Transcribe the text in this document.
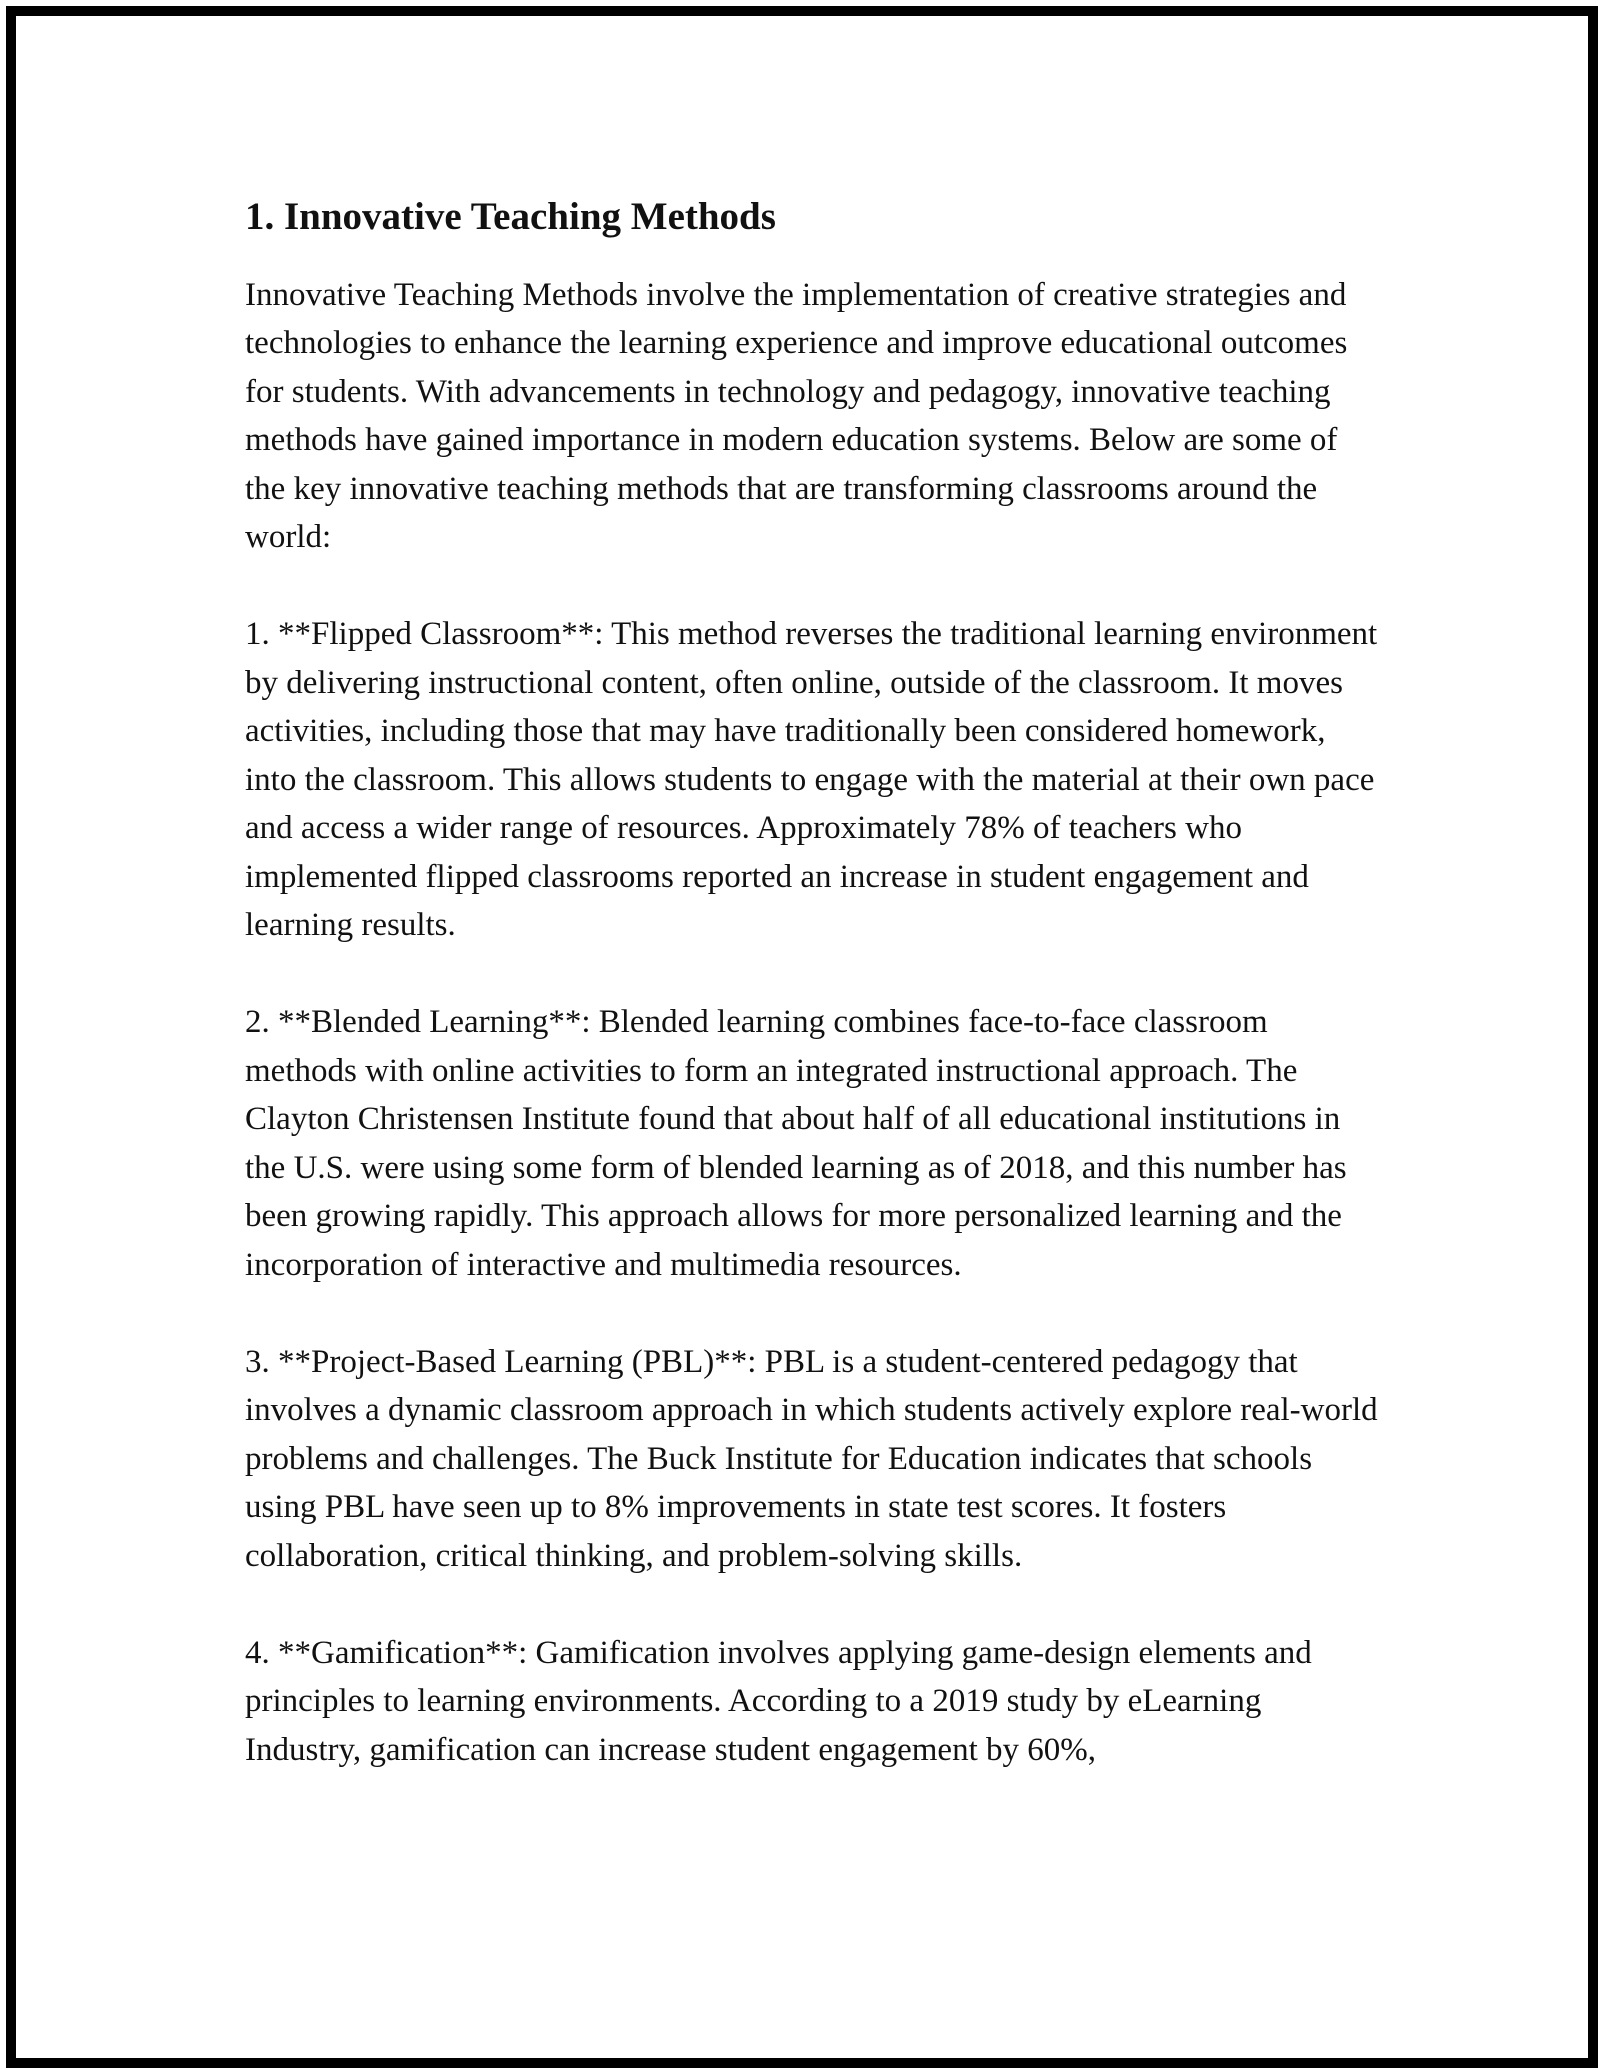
1. Innovative Teaching Methods

Innovative Teaching Methods involve the implementation of creative strategies and technologies to enhance the learning experience and improve educational outcomes for students. With advancements in technology and pedagogy, innovative teaching methods have gained importance in modern education systems. Below are some of the key innovative teaching methods that are transforming classrooms around the world:

1. **Flipped Classroom**: This method reverses the traditional learning environment by delivering instructional content, often online, outside of the classroom. It moves activities, including those that may have traditionally been considered homework, into the classroom. This allows students to engage with the material at their own pace and access a wider range of resources. Approximately 78% of teachers who implemented flipped classrooms reported an increase in student engagement and learning results.

2. **Blended Learning**: Blended learning combines face-to-face classroom methods with online activities to form an integrated instructional approach. The Clayton Christensen Institute found that about half of all educational institutions in the U.S. were using some form of blended learning as of 2018, and this number has been growing rapidly. This approach allows for more personalized learning and the incorporation of interactive and multimedia resources.

3. **Project-Based Learning (PBL)**: PBL is a student-centered pedagogy that involves a dynamic classroom approach in which students actively explore real-world problems and challenges. The Buck Institute for Education indicates that schools using PBL have seen up to 8% improvements in state test scores. It fosters collaboration, critical thinking, and problem-solving skills.

4. **Gamification**: Gamification involves applying game-design elements and principles to learning environments. According to a 2019 study by eLearning Industry, gamification can increase student engagement by 60%,
